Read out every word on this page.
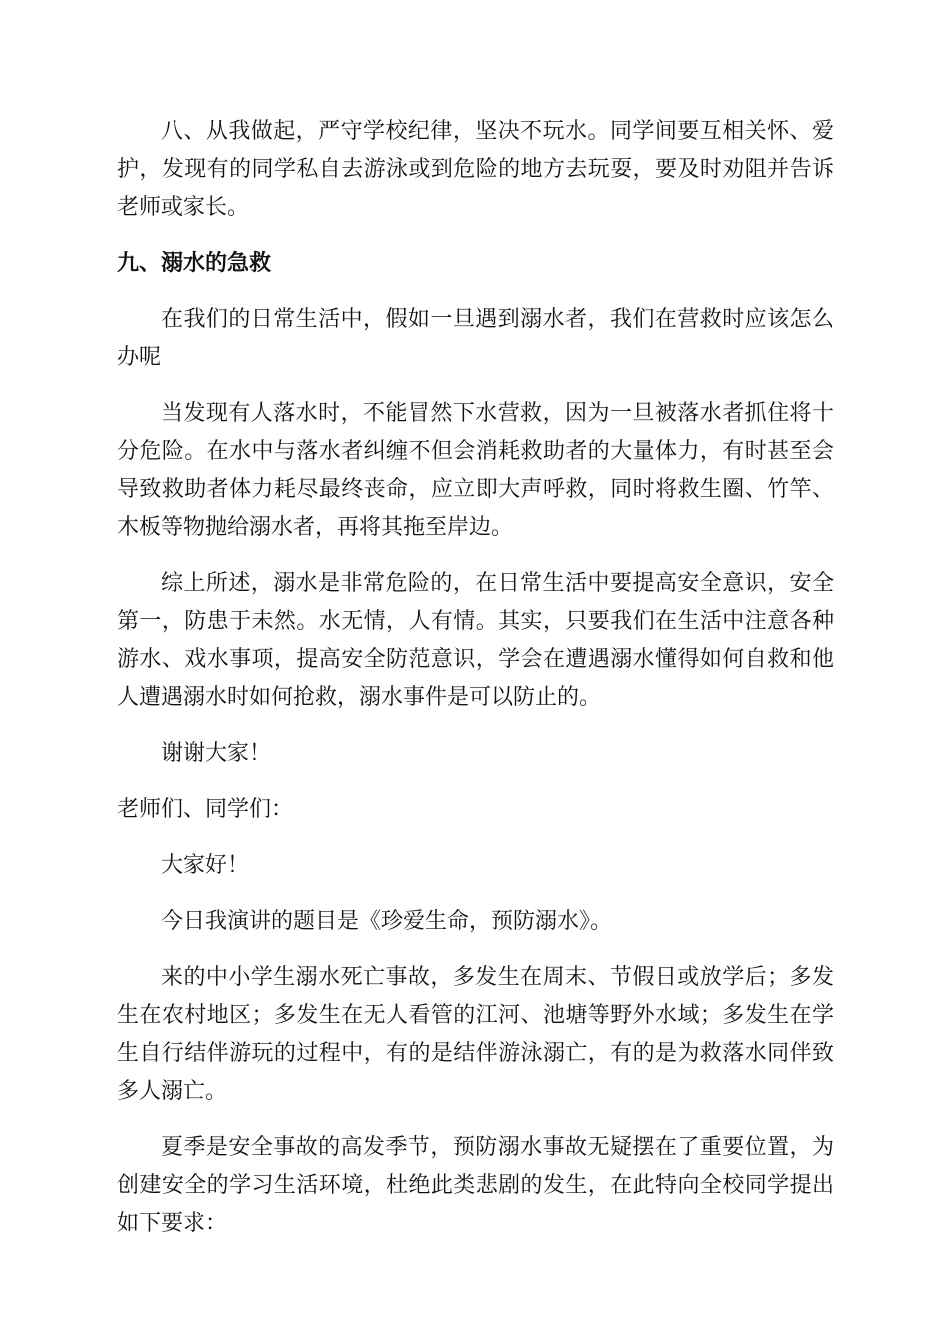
八、从我做起，严守学校纪律，坚决不玩水。同学间要互相关怀、爱护，发现有的同学私自去游泳或到危险的地方去玩耍，要及时劝阻并告诉老师或家长。

九、溺水的急救

在我们的日常生活中，假如一旦遇到溺水者，我们在营救时应该怎么办呢

当发现有人落水时，不能冒然下水营救，因为一旦被落水者抓住将十分危险。在水中与落水者纠缠不但会消耗救助者的大量体力，有时甚至会导致救助者体力耗尽最终丧命，应立即大声呼救，同时将救生圈、竹竿、木板等物抛给溺水者，再将其拖至岸边。

综上所述，溺水是非常危险的，在日常生活中要提高安全意识，安全第一，防患于未然。水无情，人有情。其实，只要我们在生活中注意各种游水、戏水事项，提高安全防范意识，学会在遭遇溺水懂得如何自救和他人遭遇溺水时如何抢救，溺水事件是可以防止的。

谢谢大家！

老师们、同学们：

大家好！

今日我演讲的题目是《珍爱生命，预防溺水》。

来的中小学生溺水死亡事故，多发生在周末、节假日或放学后；多发生在农村地区；多发生在无人看管的江河、池塘等野外水域；多发生在学生自行结伴游玩的过程中，有的是结伴游泳溺亡，有的是为救落水同伴致多人溺亡。

夏季是安全事故的高发季节，预防溺水事故无疑摆在了重要位置，为创建安全的学习生活环境，杜绝此类悲剧的发生，在此特向全校同学提出如下要求：
